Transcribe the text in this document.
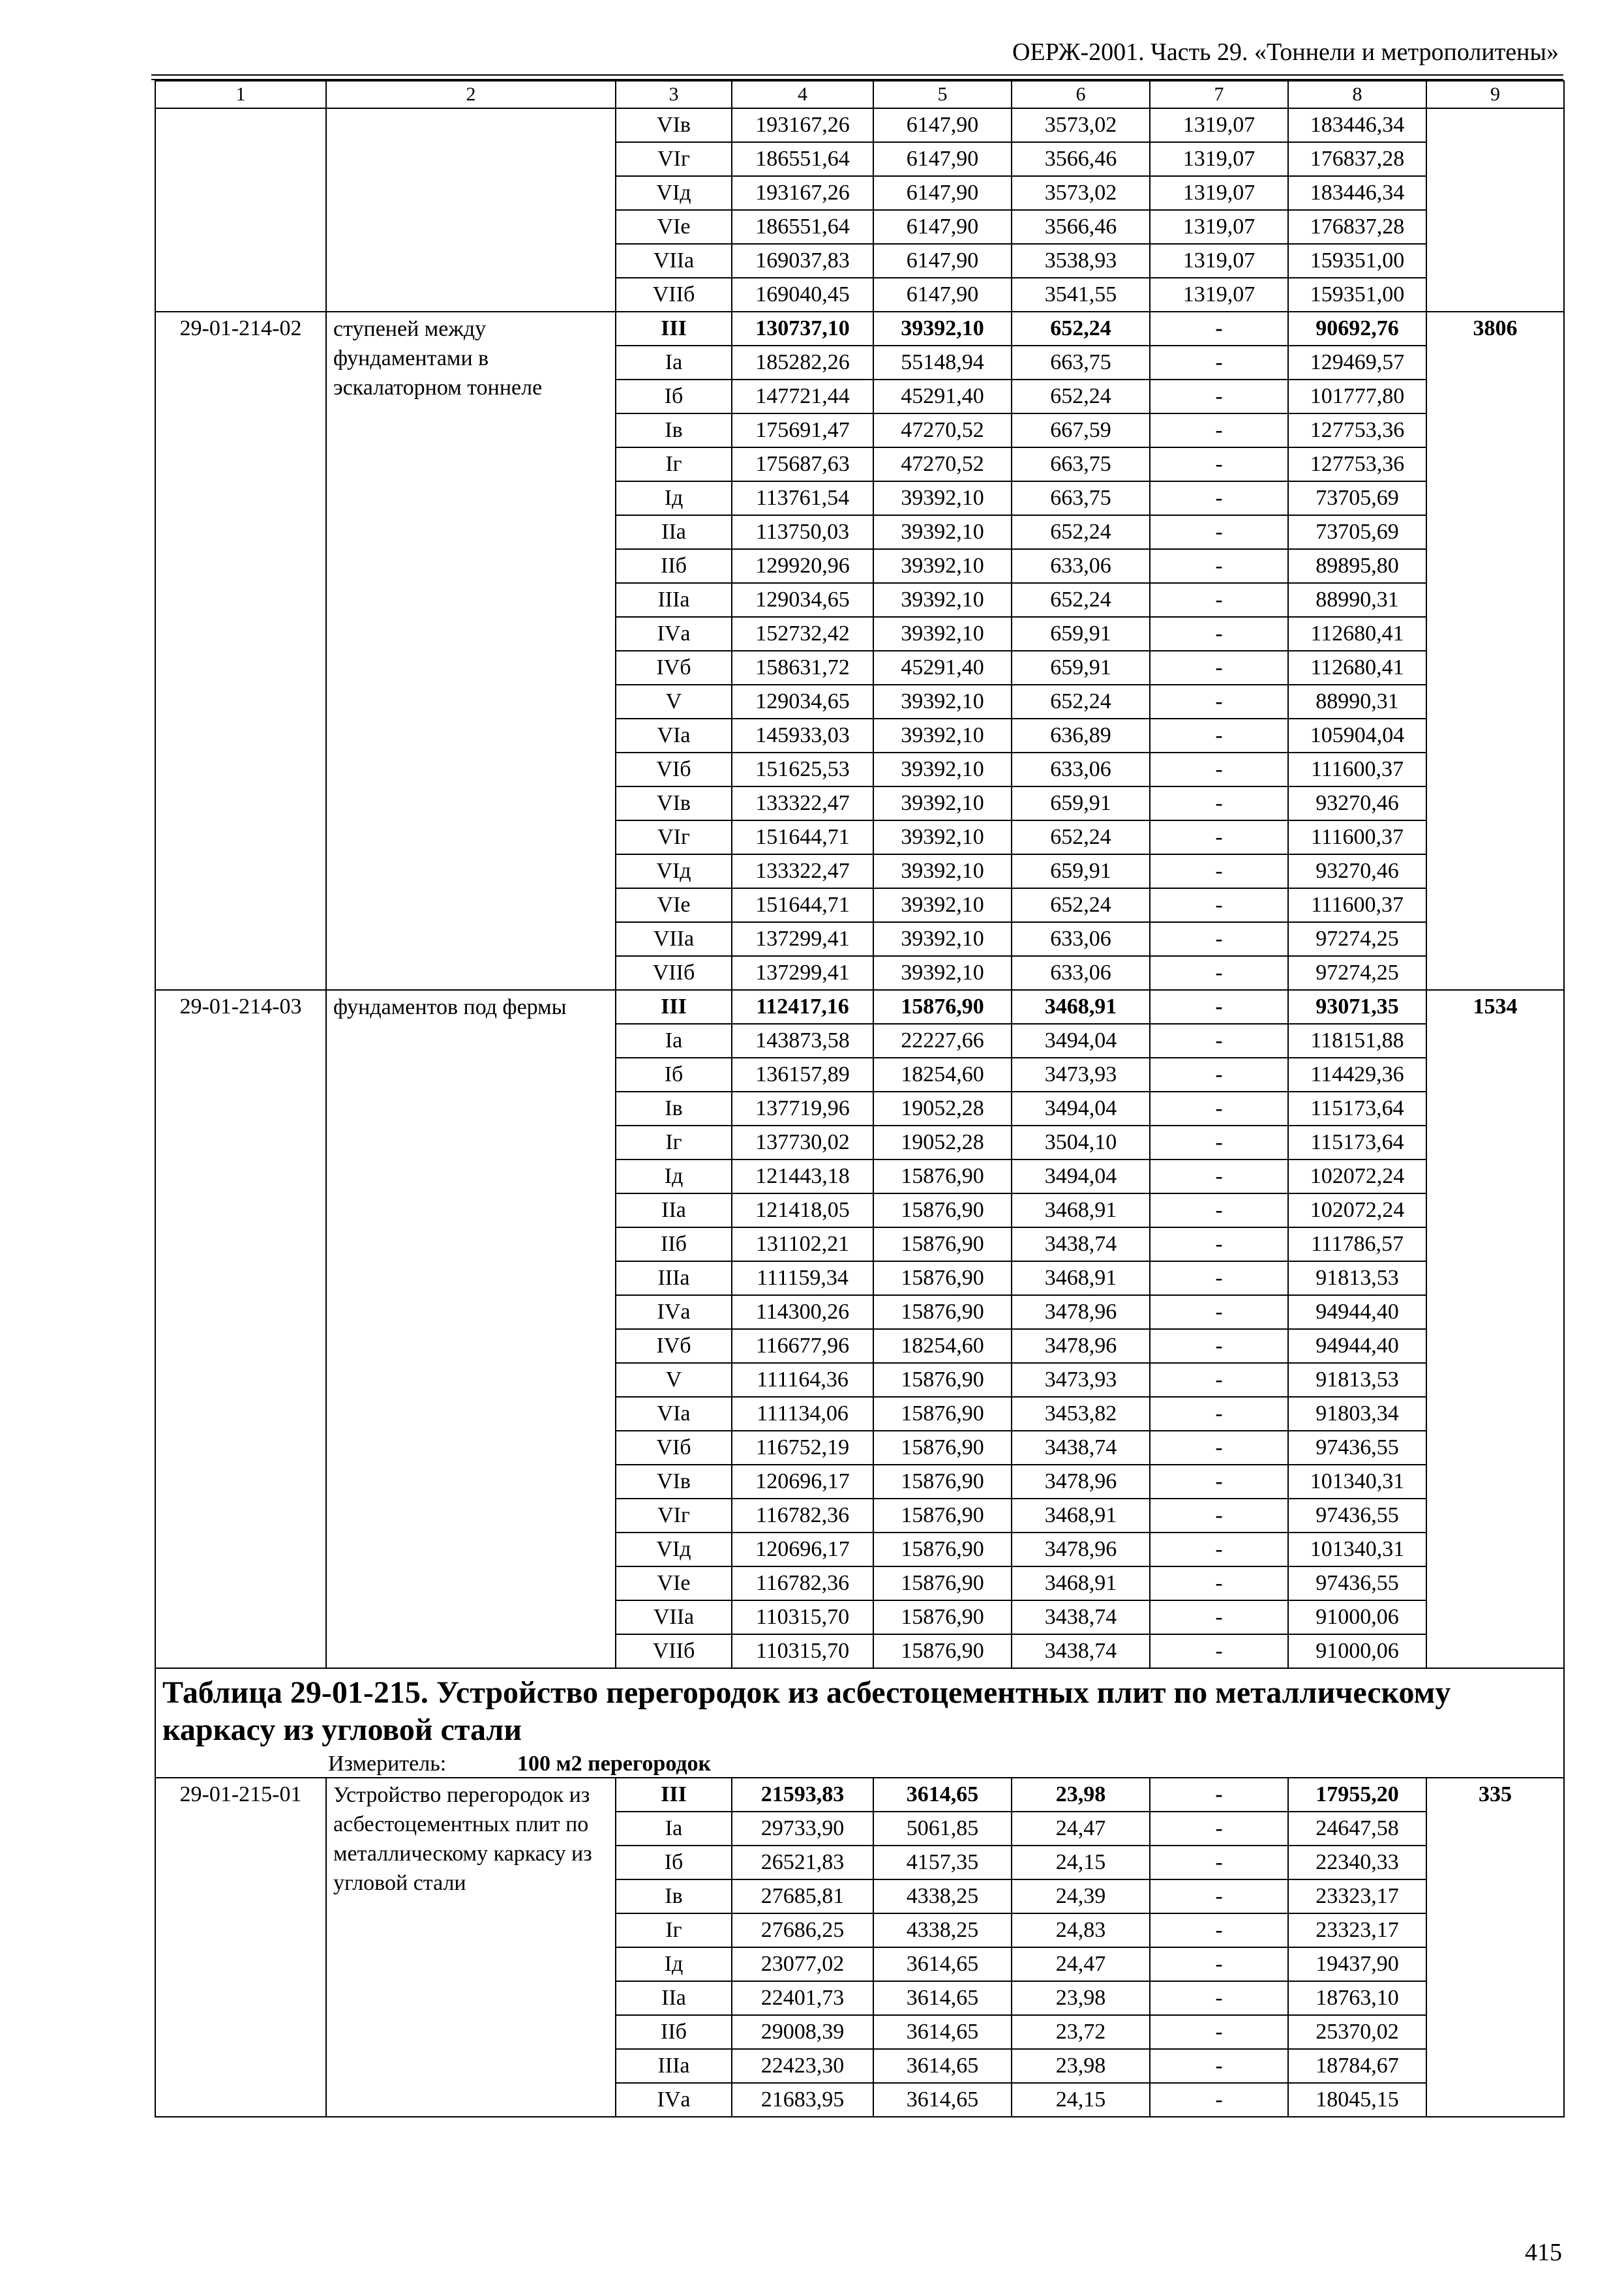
ОЕРЖ-2001. Часть 29. «Тоннели и метрополитены»
1	2	3	4	5	6	7	8	9
		VIв	193167,26	6147,90	3573,02	1319,07	183446,34	
		VIг	186551,64	6147,90	3566,46	1319,07	176837,28	
		VIд	193167,26	6147,90	3573,02	1319,07	183446,34	
		VIе	186551,64	6147,90	3566,46	1319,07	176837,28	
		VIIа	169037,83	6147,90	3538,93	1319,07	159351,00	
		VIIб	169040,45	6147,90	3541,55	1319,07	159351,00	
29-01-214-02	ступеней между фундаментами в эскалаторном тоннеле	III	130737,10	39392,10	652,24	-	90692,76	3806
		Iа	185282,26	55148,94	663,75	-	129469,57	
		Iб	147721,44	45291,40	652,24	-	101777,80	
		Iв	175691,47	47270,52	667,59	-	127753,36	
		Iг	175687,63	47270,52	663,75	-	127753,36	
		Iд	113761,54	39392,10	663,75	-	73705,69	
		IIа	113750,03	39392,10	652,24	-	73705,69	
		IIб	129920,96	39392,10	633,06	-	89895,80	
		IIIа	129034,65	39392,10	652,24	-	88990,31	
		IVа	152732,42	39392,10	659,91	-	112680,41	
		IVб	158631,72	45291,40	659,91	-	112680,41	
		V	129034,65	39392,10	652,24	-	88990,31	
		VIа	145933,03	39392,10	636,89	-	105904,04	
		VIб	151625,53	39392,10	633,06	-	111600,37	
		VIв	133322,47	39392,10	659,91	-	93270,46	
		VIг	151644,71	39392,10	652,24	-	111600,37	
		VIд	133322,47	39392,10	659,91	-	93270,46	
		VIе	151644,71	39392,10	652,24	-	111600,37	
		VIIа	137299,41	39392,10	633,06	-	97274,25	
		VIIб	137299,41	39392,10	633,06	-	97274,25	
29-01-214-03	фундаментов под фермы	III	112417,16	15876,90	3468,91	-	93071,35	1534
		Iа	143873,58	22227,66	3494,04	-	118151,88	
		Iб	136157,89	18254,60	3473,93	-	114429,36	
		Iв	137719,96	19052,28	3494,04	-	115173,64	
		Iг	137730,02	19052,28	3504,10	-	115173,64	
		Iд	121443,18	15876,90	3494,04	-	102072,24	
		IIа	121418,05	15876,90	3468,91	-	102072,24	
		IIб	131102,21	15876,90	3438,74	-	111786,57	
		IIIа	111159,34	15876,90	3468,91	-	91813,53	
		IVа	114300,26	15876,90	3478,96	-	94944,40	
		IVб	116677,96	18254,60	3478,96	-	94944,40	
		V	111164,36	15876,90	3473,93	-	91813,53	
		VIа	111134,06	15876,90	3453,82	-	91803,34	
		VIб	116752,19	15876,90	3438,74	-	97436,55	
		VIв	120696,17	15876,90	3478,96	-	101340,31	
		VIг	116782,36	15876,90	3468,91	-	97436,55	
		VIд	120696,17	15876,90	3478,96	-	101340,31	
		VIе	116782,36	15876,90	3468,91	-	97436,55	
		VIIа	110315,70	15876,90	3438,74	-	91000,06	
		VIIб	110315,70	15876,90	3438,74	-	91000,06	
Таблица 29-01-215. Устройство перегородок из асбестоцементных плит по металлическому каркасу из угловой стали								
Измеритель: 100 м2 перегородок								
29-01-215-01	Устройство перегородок из асбестоцементных плит по металлическому каркасу из угловой стали	III	21593,83	3614,65	23,98	-	17955,20	335
		Iа	29733,90	5061,85	24,47	-	24647,58	
		Iб	26521,83	4157,35	24,15	-	22340,33	
		Iв	27685,81	4338,25	24,39	-	23323,17	
		Iг	27686,25	4338,25	24,83	-	23323,17	
		Iд	23077,02	3614,65	24,47	-	19437,90	
		IIа	22401,73	3614,65	23,98	-	18763,10	
		IIб	29008,39	3614,65	23,72	-	25370,02	
		IIIа	22423,30	3614,65	23,98	-	18784,67	
		IVа	21683,95	3614,65	24,15	-	18045,15	
415
